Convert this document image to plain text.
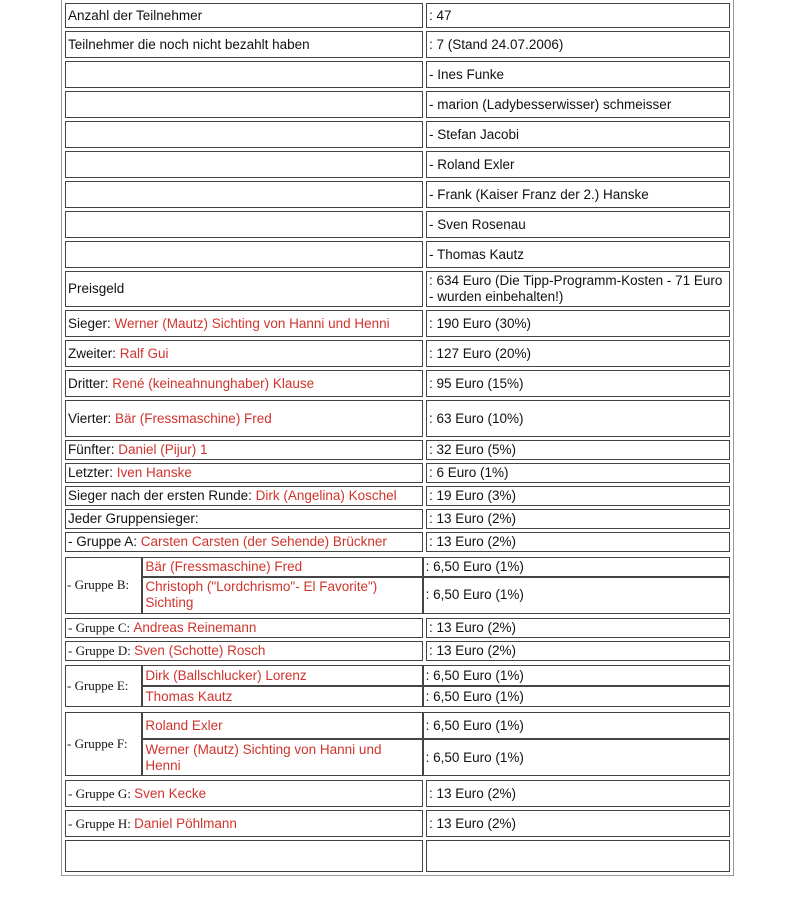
Anzahl der Teilnehmer	: 47
Teilnehmer die noch nicht bezahlt haben	: 7 (Stand 24.07.2006)
	- Ines Funke
	- marion (Ladybesserwisser) schmeisser
	- Stefan Jacobi
	- Roland Exler
	- Frank (Kaiser Franz der 2.) Hanske
	- Sven Rosenau
	- Thomas Kautz
Preisgeld	: 634 Euro (Die Tipp-Programm-Kosten - 71 Euro - wurden einbehalten!)
Sieger: Werner (Mautz) Sichting von Hanni und Henni	: 190 Euro (30%)
Zweiter: Ralf Gui	: 127 Euro (20%)
Dritter: René (keineahnunghaber) Klause	: 95 Euro (15%)
Vierter: Bär (Fressmaschine) Fred	: 63 Euro (10%)
Fünfter: Daniel (Pijur) 1	: 32 Euro (5%)
Letzter: Iven Hanske	: 6 Euro (1%)
Sieger nach der ersten Runde: Dirk (Angelina) Koschel	: 19 Euro (3%)
Jeder Gruppensieger:	: 13 Euro (2%)
- Gruppe A: Carsten Carsten (der Sehende) Brückner	: 13 Euro (2%)

- Gruppe B:	Bär (Fressmaschine) Fred	: 6,50 Euro (1%)
Christoph ("Lordchrismo"- El Favorite") Sichting	: 6,50 Euro (1%)

- Gruppe C: Andreas Reinemann	: 13 Euro (2%)
- Gruppe D: Sven (Schotte) Rosch	: 13 Euro (2%)

- Gruppe E:	Dirk (Ballschlucker) Lorenz	: 6,50 Euro (1%)
Thomas Kautz	: 6,50 Euro (1%)

- Gruppe F:	Roland Exler	: 6,50 Euro (1%)
Werner (Mautz) Sichting von Hanni und Henni	: 6,50 Euro (1%)

- Gruppe G: Sven Kecke	: 13 Euro (2%)
- Gruppe H: Daniel Pöhlmann	: 13 Euro (2%)
